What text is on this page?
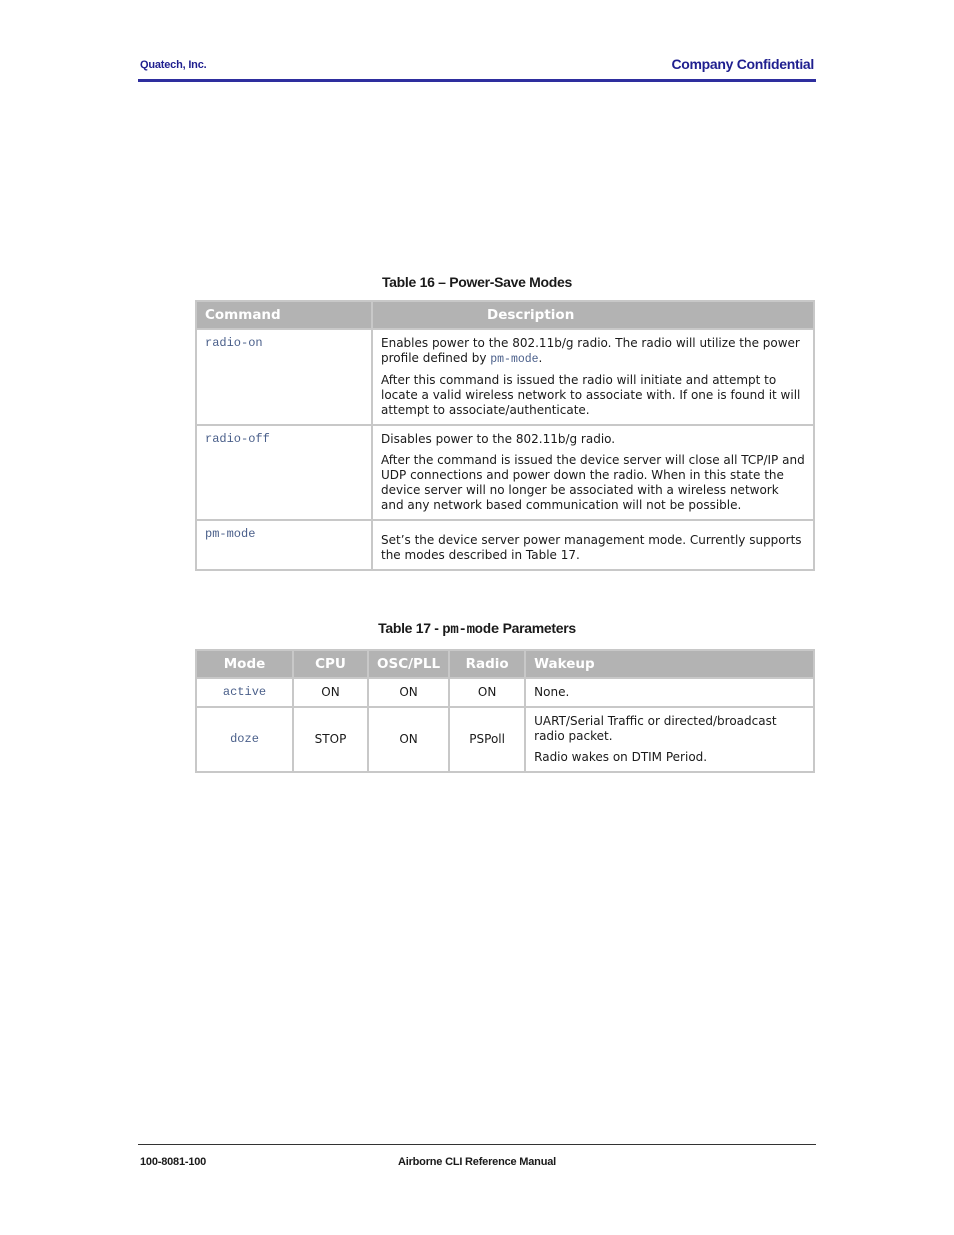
Quatech, Inc.	Company Confidential
Table 16 – Power-Save Modes
Command	Description
radio-on	Enables power to the 802.11b/g radio. The radio will utilize the power profile defined by pm-mode.

After this command is issued the radio will initiate and attempt to locate a valid wireless network to associate with. If one is found it will attempt to associate/authenticate.

radio-off	Disables power to the 802.11b/g radio.

After the command is issued the device server will close all TCP/IP and UDP connections and power down the radio. When in this state the device server will no longer be associated with a wireless network and any network based communication will not be possible.

pm-mode	Set’s the device server power management mode. Currently supports the modes described in Table 17.

Table 17 - pm-mode Parameters
Mode	CPU	OSC/PLL	Radio	Wakeup
active	ON	ON	ON	None.
doze	STOP	ON	PSPoll	UART/Serial Traffic or directed/broadcast radio packet.

Radio wakes on DTIM Period.

100-8081-100	Airborne CLI Reference Manual
